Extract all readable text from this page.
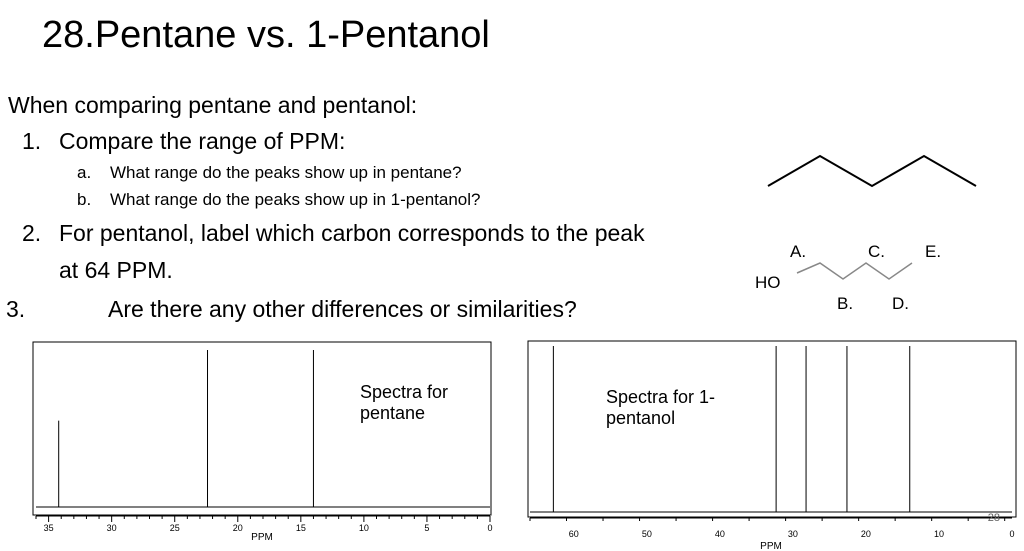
28.Pentane vs. 1-Pentanol
When comparing pentane and pentanol:
1. Compare the range of PPM:
a. What range do the peaks show up in pentane?
b. What range do the peaks show up in 1-pentanol?
2. For pentanol, label which carbon corresponds to the peak
at 64 PPM.
3.	Are there any other differences or similarities?
35	30	25	20	15	10	5	0
PPM	60	50	40	30	20	10	0
PPM
28
HO
A.	C. E.
B. D.
Spectra for pentane
Spectra for 1-pentanol
